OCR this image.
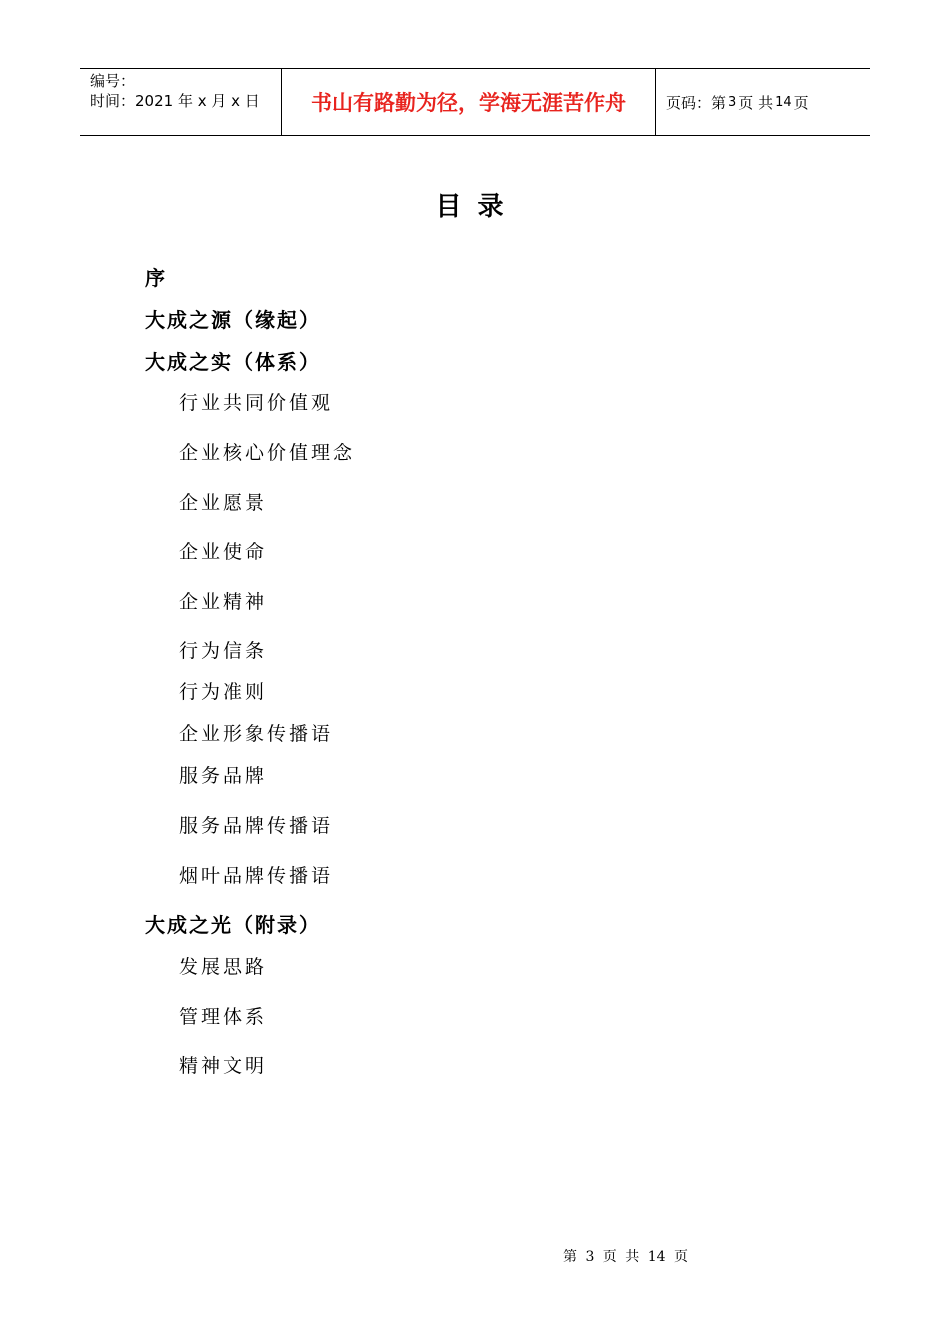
编号：
时间：2021 年 x 月 x 日	书山有路勤为径，学海无涯苦作舟	页码：第 3 页 共 14 页
目录
行业共同价值观
序
大成之源（缘起）
大成之实（体系）
企业核心价值理念
企业愿景
企业使命
企业精神
行为信条
行为准则
企业形象传播语
服务品牌
服务品牌传播语
烟叶品牌传播语
大成之光（附录）
发展思路
管理体系
精神文明
第 3 页 共 14 页
